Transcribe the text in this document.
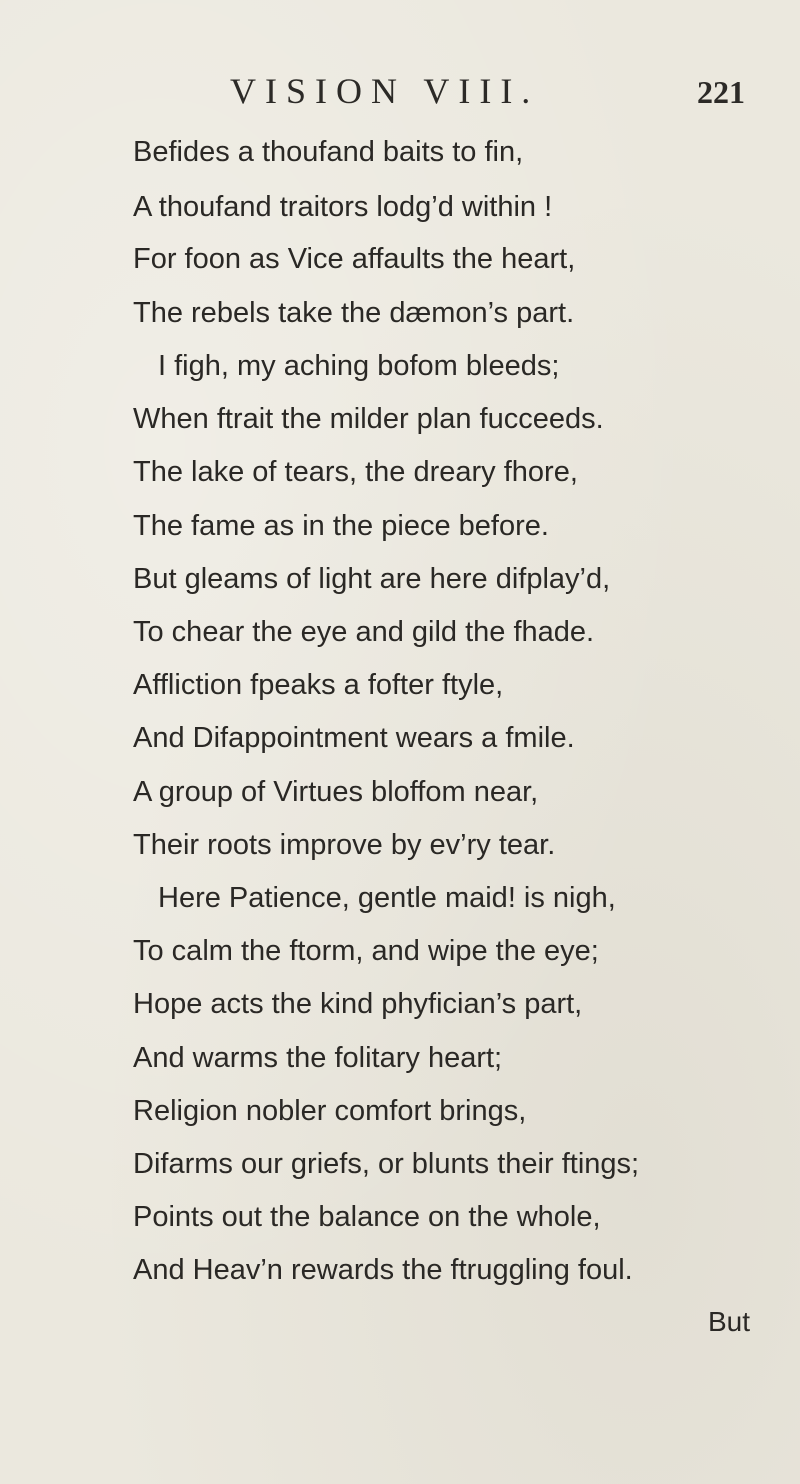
VISION VIII.	221
Befides a thoufand baits to fin,
A thoufand traitors lodg’d within !
For foon as Vice affaults the heart,
The rebels take the dæmon’s part.
I figh, my aching bofom bleeds;
When ftrait the milder plan fucceeds.
The lake of tears, the dreary fhore,
The fame as in the piece before.
But gleams of light are here difplay’d,
To chear the eye and gild the fhade.
Affliction fpeaks a fofter ftyle,
And Difappointment wears a fmile.
A group of Virtues bloffom near,
Their roots improve by ev’ry tear.
Here Patience, gentle maid! is nigh,
To calm the ftorm, and wipe the eye;
Hope acts the kind phyfician’s part,
And warms the folitary heart;
Religion nobler comfort brings,
Difarms our griefs, or blunts their ftings;
Points out the balance on the whole,
And Heav’n rewards the ftruggling foul.
But
